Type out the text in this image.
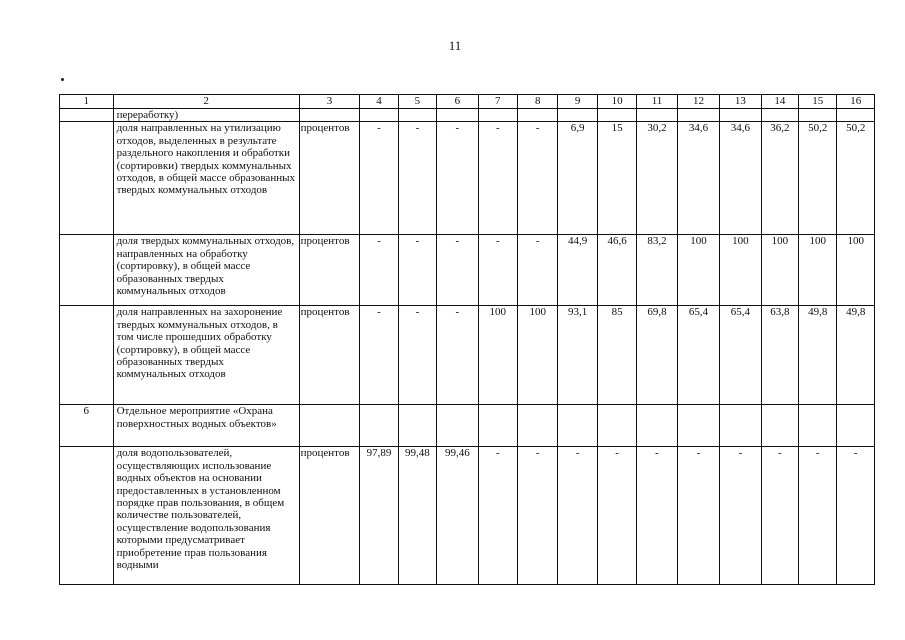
11
1	2	3	4	5	6	7	8	9	10	11	12	13	14	15	16
	переработку)														
	доля направленных на утилизацию отходов, выделенных в результате раздельного накопления и обработки (сортировки) твердых коммунальных отходов, в общей массе образованных твердых коммунальных отходов	процентов	-	-	-	-	-	6,9	15	30,2	34,6	34,6	36,2	50,2	50,2
	доля твердых коммунальных отходов, направленных на обработку (сортировку), в общей массе образованных твердых коммунальных отходов	процентов	-	-	-	-	-	44,9	46,6	83,2	100	100	100	100	100
	доля направленных на захоронение твердых коммунальных отходов, в том числе прошедших обработку (сортировку), в общей массе образованных твердых коммунальных отходов	процентов	-	-	-	100	100	93,1	85	69,8	65,4	65,4	63,8	49,8	49,8
6	Отдельное мероприятие «Охрана поверхностных водных объектов»														
	доля водопользователей, осуществляющих использование водных объектов на основании предоставленных в установленном порядке прав пользования, в общем количестве пользователей, осуществление водопользования которыми предусматривает приобретение прав пользования водными	процентов	97,89	99,48	99,46	-	-	-	-	-	-	-	-	-	-
